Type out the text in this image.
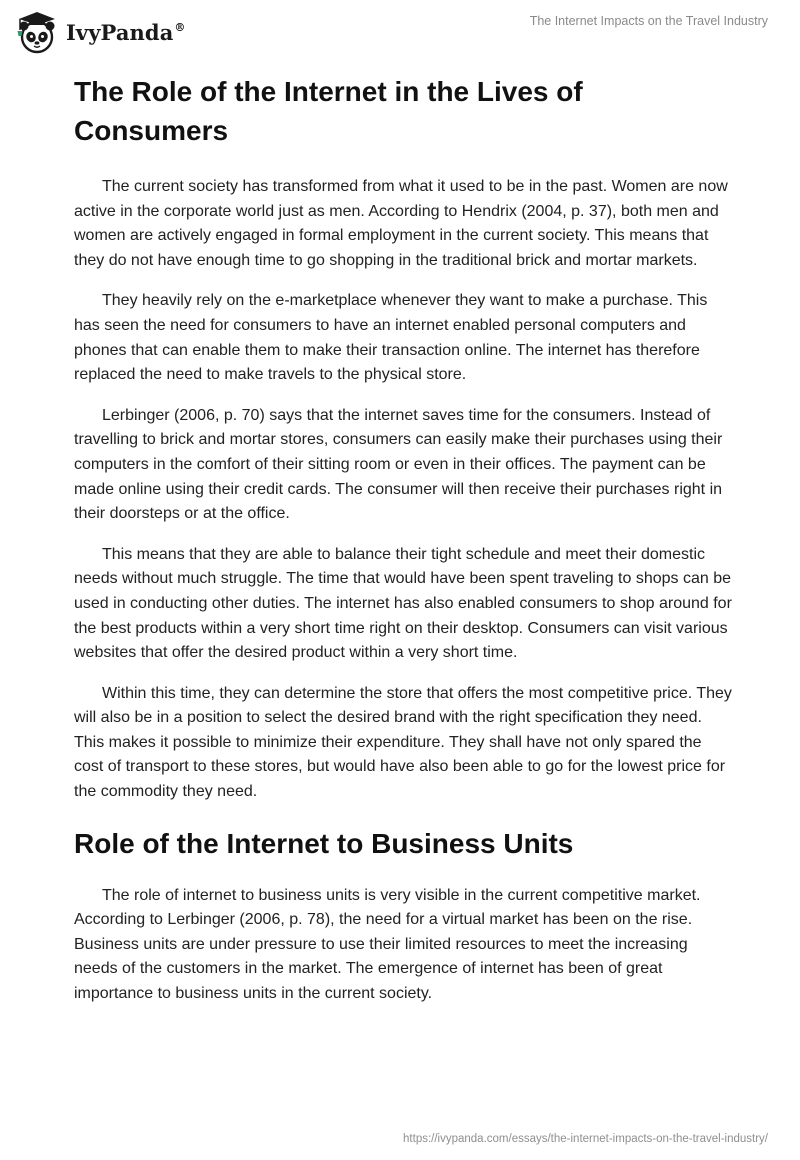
IvyPanda®	The Internet Impacts on the Travel Industry
The Role of the Internet in the Lives of Consumers

The current society has transformed from what it used to be in the past. Women are now active in the corporate world just as men. According to Hendrix (2004, p. 37), both men and women are actively engaged in formal employment in the current society. This means that they do not have enough time to go shopping in the traditional brick and mortar markets.

They heavily rely on the e-marketplace whenever they want to make a purchase. This has seen the need for consumers to have an internet enabled personal computers and phones that can enable them to make their transaction online. The internet has therefore replaced the need to make travels to the physical store.

Lerbinger (2006, p. 70) says that the internet saves time for the consumers. Instead of travelling to brick and mortar stores, consumers can easily make their purchases using their computers in the comfort of their sitting room or even in their offices. The payment can be made online using their credit cards. The consumer will then receive their purchases right in their doorsteps or at the office.

This means that they are able to balance their tight schedule and meet their domestic needs without much struggle. The time that would have been spent traveling to shops can be used in conducting other duties. The internet has also enabled consumers to shop around for the best products within a very short time right on their desktop. Consumers can visit various websites that offer the desired product within a very short time.

Within this time, they can determine the store that offers the most competitive price. They will also be in a position to select the desired brand with the right specification they need. This makes it possible to minimize their expenditure. They shall have not only spared the cost of transport to these stores, but would have also been able to go for the lowest price for the commodity they need.

Role of the Internet to Business Units

The role of internet to business units is very visible in the current competitive market. According to Lerbinger (2006, p. 78), the need for a virtual market has been on the rise. Business units are under pressure to use their limited resources to meet the increasing needs of the customers in the market. The emergence of internet has been of great importance to business units in the current society.

https://ivypanda.com/essays/the-internet-impacts-on-the-travel-industry/
